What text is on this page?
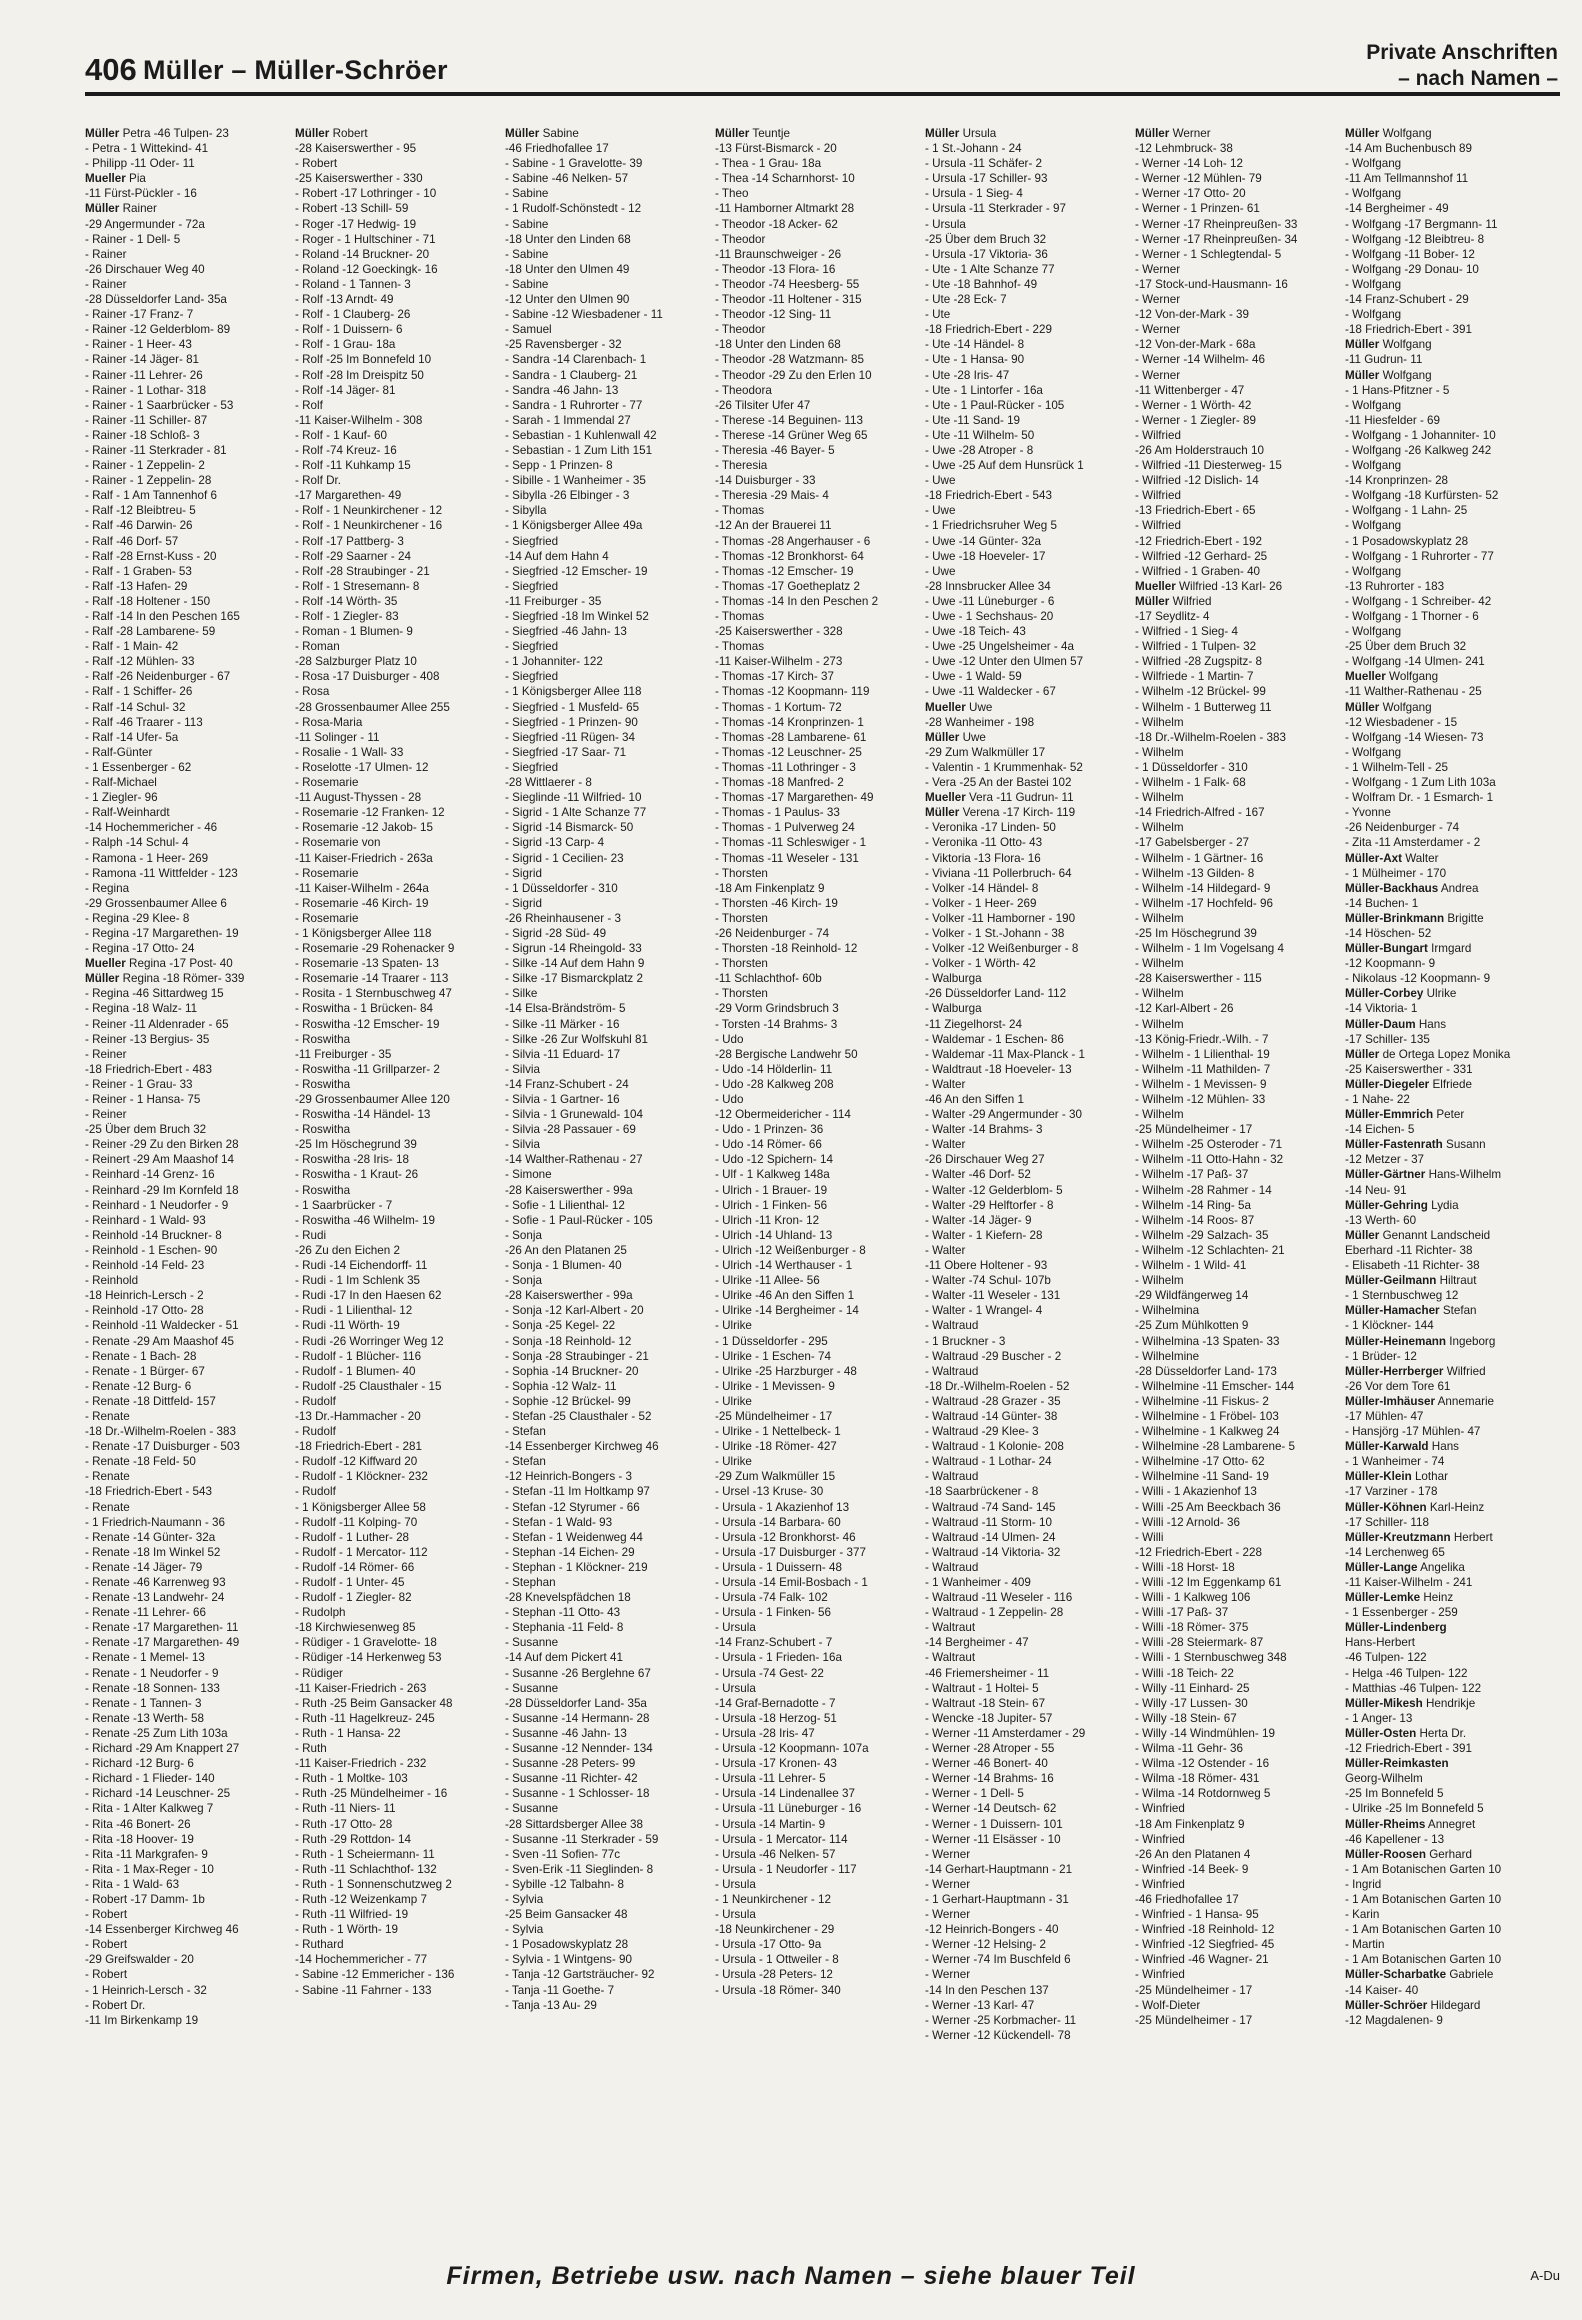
406 Müller – Müller-Schröer
Private Anschriften
– nach Namen –
Müller Petra -46 Tulpen- 23
- Petra - 1 Wittekind- 41
- Philipp -11 Oder- 11
Mueller Pia
-11 Fürst-Pückler - 16
Müller Rainer
-29 Angermunder - 72a
- Rainer - 1 Dell- 5
- Rainer
-26 Dirschauer Weg 40
- Rainer
-28 Düsseldorfer Land- 35a
- Rainer -17 Franz- 7
- Rainer -12 Gelderblom- 89
- Rainer - 1 Heer- 43
- Rainer -14 Jäger- 81
- Rainer -11 Lehrer- 26
- Rainer - 1 Lothar- 318
- Rainer - 1 Saarbrücker - 53
- Rainer -11 Schiller- 87
- Rainer -18 Schloß- 3
- Rainer -11 Sterkrader - 81
- Rainer - 1 Zeppelin- 2
- Rainer - 1 Zeppelin- 28
- Ralf - 1 Am Tannenhof 6
- Ralf -12 Bleibtreu- 5
- Ralf -46 Darwin- 26
- Ralf -46 Dorf- 57
- Ralf -28 Ernst-Kuss - 20
- Ralf - 1 Graben- 53
- Ralf -13 Hafen- 29
- Ralf -18 Holtener - 150
- Ralf -14 In den Peschen 165
- Ralf -28 Lambarene- 59
- Ralf - 1 Main- 42
- Ralf -12 Mühlen- 33
- Ralf -26 Neidenburger - 67
- Ralf - 1 Schiffer- 26
- Ralf -14 Schul- 32
- Ralf -46 Traarer - 113
- Ralf -14 Ufer- 5a
- Ralf-Günter
- 1 Essenberger - 62
- Ralf-Michael
- 1 Ziegler- 96
- Ralf-Weinhardt
-14 Hochemmericher - 46
- Ralph -14 Schul- 4
- Ramona - 1 Heer- 269
- Ramona -11 Wittfelder - 123
- Regina
-29 Grossenbaumer Allee 6
- Regina -29 Klee- 8
- Regina -17 Margarethen- 19
- Regina -17 Otto- 24
Mueller Regina -17 Post- 40
Müller Regina -18 Römer- 339
- Regina -46 Sittardweg 15
- Regina -18 Walz- 11
- Reiner -11 Aldenrader - 65
- Reiner -13 Bergius- 35
- Reiner
-18 Friedrich-Ebert - 483
- Reiner - 1 Grau- 33
- Reiner - 1 Hansa- 75
- Reiner
-25 Über dem Bruch 32
- Reiner -29 Zu den Birken 28
- Reinert -29 Am Maashof 14
- Reinhard -14 Grenz- 16
- Reinhard -29 Im Kornfeld 18
- Reinhard - 1 Neudorfer - 9
- Reinhard - 1 Wald- 93
- Reinhold -14 Bruckner- 8
- Reinhold - 1 Eschen- 90
- Reinhold -14 Feld- 23
- Reinhold
-18 Heinrich-Lersch - 2
- Reinhold -17 Otto- 28
- Reinhold -11 Waldecker - 51
- Renate -29 Am Maashof 45
- Renate - 1 Bach- 28
- Renate - 1 Bürger- 67
- Renate -12 Burg- 6
- Renate -18 Dittfeld- 157
- Renate
-18 Dr.-Wilhelm-Roelen - 383
- Renate -17 Duisburger - 503
- Renate -18 Feld- 50
- Renate
-18 Friedrich-Ebert - 543
- Renate
- 1 Friedrich-Naumann - 36
- Renate -14 Günter- 32a
- Renate -18 Im Winkel 52
- Renate -14 Jäger- 79
- Renate -46 Karrenweg 93
- Renate -13 Landwehr- 24
- Renate -11 Lehrer- 66
- Renate -17 Margarethen- 11
- Renate -17 Margarethen- 49
- Renate - 1 Memel- 13
- Renate - 1 Neudorfer - 9
- Renate -18 Sonnen- 133
- Renate - 1 Tannen- 3
- Renate -13 Werth- 58
- Renate -25 Zum Lith 103a
- Richard -29 Am Knappert 27
- Richard -12 Burg- 6
- Richard - 1 Flieder- 140
- Richard -14 Leuschner- 25
- Rita - 1 Alter Kalkweg 7
- Rita -46 Bonert- 26
- Rita -18 Hoover- 19
- Rita -11 Markgrafen- 9
- Rita - 1 Max-Reger - 10
- Rita - 1 Wald- 63
- Robert -17 Damm- 1b
- Robert
-14 Essenberger Kirchweg 46
- Robert
-29 Greifswalder - 20
- Robert
- 1 Heinrich-Lersch - 32
- Robert Dr.
-11 Im Birkenkamp 19
Müller Robert
-28 Kaiserswerther - 95
- Robert
-25 Kaiserswerther - 330
- Robert -17 Lothringer - 10
- Robert -13 Schill- 59
- Roger -17 Hedwig- 19
- Roger - 1 Hultschiner - 71
- Roland -14 Bruckner- 20
- Roland -12 Goeckingk- 16
- Roland - 1 Tannen- 3
- Rolf -13 Arndt- 49
- Rolf - 1 Clauberg- 26
- Rolf - 1 Duissern- 6
- Rolf - 1 Grau- 18a
- Rolf -25 Im Bonnefeld 10
- Rolf -28 Im Dreispitz 50
- Rolf -14 Jäger- 81
- Rolf
-11 Kaiser-Wilhelm - 308
- Rolf - 1 Kauf- 60
- Rolf -74 Kreuz- 16
- Rolf -11 Kuhkamp 15
- Rolf Dr.
-17 Margarethen- 49
- Rolf - 1 Neunkirchener - 12
- Rolf - 1 Neunkirchener - 16
- Rolf -17 Pattberg- 3
- Rolf -29 Saarner - 24
- Rolf -28 Straubinger - 21
- Rolf - 1 Stresemann- 8
- Rolf -14 Wörth- 35
- Rolf - 1 Ziegler- 83
- Roman - 1 Blumen- 9
- Roman
-28 Salzburger Platz 10
- Rosa -17 Duisburger - 408
- Rosa
-28 Grossenbaumer Allee 255
- Rosa-Maria
-11 Solinger - 11
- Rosalie - 1 Wall- 33
- Roselotte -17 Ulmen- 12
- Rosemarie
-11 August-Thyssen - 28
- Rosemarie -12 Franken- 12
- Rosemarie -12 Jakob- 15
- Rosemarie von
-11 Kaiser-Friedrich - 263a
- Rosemarie
-11 Kaiser-Wilhelm - 264a
- Rosemarie -46 Kirch- 19
- Rosemarie
- 1 Königsberger Allee 118
- Rosemarie -29 Rohenacker 9
- Rosemarie -13 Spaten- 13
- Rosemarie -14 Traarer - 113
- Rosita - 1 Sternbuschweg 47
- Roswitha - 1 Brücken- 84
- Roswitha -12 Emscher- 19
- Roswitha
-11 Freiburger - 35
- Roswitha -11 Grillparzer- 2
- Roswitha
-29 Grossenbaumer Allee 120
- Roswitha -14 Händel- 13
- Roswitha
-25 Im Höschegrund 39
- Roswitha -28 Iris- 18
- Roswitha - 1 Kraut- 26
- Roswitha
- 1 Saarbrücker - 7
- Roswitha -46 Wilhelm- 19
- Rudi
-26 Zu den Eichen 2
- Rudi -14 Eichendorff- 11
- Rudi - 1 Im Schlenk 35
- Rudi -17 In den Haesen 62
- Rudi - 1 Lilienthal- 12
- Rudi -11 Wörth- 19
- Rudi -26 Worringer Weg 12
- Rudolf - 1 Blücher- 116
- Rudolf - 1 Blumen- 40
- Rudolf -25 Clausthaler - 15
- Rudolf
-13 Dr.-Hammacher - 20
- Rudolf
-18 Friedrich-Ebert - 281
- Rudolf -12 Kiffward 20
- Rudolf - 1 Klöckner- 232
- Rudolf
- 1 Königsberger Allee 58
- Rudolf -11 Kolping- 70
- Rudolf - 1 Luther- 28
- Rudolf - 1 Mercator- 112
- Rudolf -14 Römer- 66
- Rudolf - 1 Unter- 45
- Rudolf - 1 Ziegler- 82
- Rudolph
-18 Kirchwiesenweg 85
- Rüdiger - 1 Gravelotte- 18
- Rüdiger -14 Herkenweg 53
- Rüdiger
-11 Kaiser-Friedrich - 263
- Ruth -25 Beim Gansacker 48
- Ruth -11 Hagelkreuz- 245
- Ruth - 1 Hansa- 22
- Ruth
-11 Kaiser-Friedrich - 232
- Ruth - 1 Moltke- 103
- Ruth -25 Mündelheimer - 16
- Ruth -11 Niers- 11
- Ruth -17 Otto- 28
- Ruth -29 Rottdon- 14
- Ruth - 1 Scheiermann- 11
- Ruth -11 Schlachthof- 132
- Ruth - 1 Sonnenschutzweg 2
- Ruth -12 Weizenkamp 7
- Ruth -11 Wilfried- 19
- Ruth - 1 Wörth- 19
- Ruthard
-14 Hochemmericher - 77
- Sabine -12 Emmericher - 136
- Sabine -11 Fahrner - 133
Müller Sabine
-46 Friedhofallee 17
- Sabine - 1 Gravelotte- 39
- Sabine -46 Nelken- 57
- Sabine
- 1 Rudolf-Schönstedt - 12
- Sabine
-18 Unter den Linden 68
- Sabine
-18 Unter den Ulmen 49
- Sabine
-12 Unter den Ulmen 90
- Sabine -12 Wiesbadener - 11
- Samuel
-25 Ravensberger - 32
- Sandra -14 Clarenbach- 1
- Sandra - 1 Clauberg- 21
- Sandra -46 Jahn- 13
- Sandra - 1 Ruhrorter - 77
- Sarah - 1 Immendal 27
- Sebastian - 1 Kuhlenwall 42
- Sebastian - 1 Zum Lith 151
- Sepp - 1 Prinzen- 8
- Sibille - 1 Wanheimer - 35
- Sibylla -26 Elbinger - 3
- Sibylla
- 1 Königsberger Allee 49a
- Siegfried
-14 Auf dem Hahn 4
- Siegfried -12 Emscher- 19
- Siegfried
-11 Freiburger - 35
- Siegfried -18 Im Winkel 52
- Siegfried -46 Jahn- 13
- Siegfried
- 1 Johanniter- 122
- Siegfried
- 1 Königsberger Allee 118
- Siegfried - 1 Musfeld- 65
- Siegfried - 1 Prinzen- 90
- Siegfried -11 Rügen- 34
- Siegfried -17 Saar- 71
- Siegfried
-28 Wittlaerer - 8
- Sieglinde -11 Wilfried- 10
- Sigrid - 1 Alte Schanze 77
- Sigrid -14 Bismarck- 50
- Sigrid -13 Carp- 4
- Sigrid - 1 Cecilien- 23
- Sigrid
- 1 Düsseldorfer - 310
- Sigrid
-26 Rheinhausener - 3
- Sigrid -28 Süd- 49
- Sigrun -14 Rheingold- 33
- Silke -14 Auf dem Hahn 9
- Silke -17 Bismarckplatz 2
- Silke
-14 Elsa-Brändström- 5
- Silke -11 Märker - 16
- Silke -26 Zur Wolfskuhl 81
- Silvia -11 Eduard- 17
- Silvia
-14 Franz-Schubert - 24
- Silvia - 1 Gartner- 16
- Silvia - 1 Grunewald- 104
- Silvia -28 Passauer - 69
- Silvia
-14 Walther-Rathenau - 27
- Simone
-28 Kaiserswerther - 99a
- Sofie - 1 Lilienthal- 12
- Sofie - 1 Paul-Rücker - 105
- Sonja
-26 An den Platanen 25
- Sonja - 1 Blumen- 40
- Sonja
-28 Kaiserswerther - 99a
- Sonja -12 Karl-Albert - 20
- Sonja -25 Kegel- 22
- Sonja -18 Reinhold- 12
- Sonja -28 Straubinger - 21
- Sophia -14 Bruckner- 20
- Sophia -12 Walz- 11
- Sophie -12 Brückel- 99
- Stefan -25 Clausthaler - 52
- Stefan
-14 Essenberger Kirchweg 46
- Stefan
-12 Heinrich-Bongers - 3
- Stefan -11 Im Holtkamp 97
- Stefan -12 Styrumer - 66
- Stefan - 1 Wald- 93
- Stefan - 1 Weidenweg 44
- Stephan -14 Eichen- 29
- Stephan - 1 Klöckner- 219
- Stephan
-28 Knevelspfädchen 18
- Stephan -11 Otto- 43
- Stephania -11 Feld- 8
- Susanne
-14 Auf dem Pickert 41
- Susanne -26 Berglehne 67
- Susanne
-28 Düsseldorfer Land- 35a
- Susanne -14 Hermann- 28
- Susanne -46 Jahn- 13
- Susanne -12 Nennder- 134
- Susanne -28 Peters- 99
- Susanne -11 Richter- 42
- Susanne - 1 Schlosser- 18
- Susanne
-28 Sittardsberger Allee 38
- Susanne -11 Sterkrader - 59
- Sven -11 Sofien- 77c
- Sven-Erik -11 Sieglinden- 8
- Sybille -12 Talbahn- 8
- Sylvia
-25 Beim Gansacker 48
- Sylvia
- 1 Posadowskyplatz 28
- Sylvia - 1 Wintgens- 90
- Tanja -12 Gartsträucher- 92
- Tanja -11 Goethe- 7
- Tanja -13 Au- 29
Müller Teuntje
-13 Fürst-Bismarck - 20
- Thea - 1 Grau- 18a
- Thea -14 Scharnhorst- 10
- Theo
-11 Hamborner Altmarkt 28
- Theodor -18 Acker- 62
- Theodor
-11 Braunschweiger - 26
- Theodor -13 Flora- 16
- Theodor -74 Heesberg- 55
- Theodor -11 Holtener - 315
- Theodor -12 Sing- 11
- Theodor
-18 Unter den Linden 68
- Theodor -28 Watzmann- 85
- Theodor -29 Zu den Erlen 10
- Theodora
-26 Tilsiter Ufer 47
- Therese -14 Beguinen- 113
- Therese -14 Grüner Weg 65
- Theresia -46 Bayer- 5
- Theresia
-14 Duisburger - 33
- Theresia -29 Mais- 4
- Thomas
-12 An der Brauerei 11
- Thomas -28 Angerhauser - 6
- Thomas -12 Bronkhorst- 64
- Thomas -12 Emscher- 19
- Thomas -17 Goetheplatz 2
- Thomas -14 In den Peschen 2
- Thomas
-25 Kaiserswerther - 328
- Thomas
-11 Kaiser-Wilhelm - 273
- Thomas -17 Kirch- 37
- Thomas -12 Koopmann- 119
- Thomas - 1 Kortum- 72
- Thomas -14 Kronprinzen- 1
- Thomas -28 Lambarene- 61
- Thomas -12 Leuschner- 25
- Thomas -11 Lothringer - 3
- Thomas -18 Manfred- 2
- Thomas -17 Margarethen- 49
- Thomas - 1 Paulus- 33
- Thomas - 1 Pulverweg 24
- Thomas -11 Schleswiger - 1
- Thomas -11 Weseler - 131
- Thorsten
-18 Am Finkenplatz 9
- Thorsten -46 Kirch- 19
- Thorsten
-26 Neidenburger - 74
- Thorsten -18 Reinhold- 12
- Thorsten
-11 Schlachthof- 60b
- Thorsten
-29 Vorm Grindsbruch 3
- Torsten -14 Brahms- 3
- Udo
-28 Bergische Landwehr 50
- Udo -14 Hölderlin- 11
- Udo -28 Kalkweg 208
- Udo
-12 Obermeidericher - 114
- Udo - 1 Prinzen- 36
- Udo -14 Römer- 66
- Udo -12 Spichern- 14
- Ulf - 1 Kalkweg 148a
- Ulrich - 1 Brauer- 19
- Ulrich - 1 Finken- 56
- Ulrich -11 Kron- 12
- Ulrich -14 Uhland- 13
- Ulrich -12 Weißenburger - 8
- Ulrich -14 Werthauser - 1
- Ulrike -11 Allee- 56
- Ulrike -46 An den Siffen 1
- Ulrike -14 Bergheimer - 14
- Ulrike
- 1 Düsseldorfer - 295
- Ulrike - 1 Eschen- 74
- Ulrike -25 Harzburger - 48
- Ulrike - 1 Mevissen- 9
- Ulrike
-25 Mündelheimer - 17
- Ulrike - 1 Nettelbeck- 1
- Ulrike -18 Römer- 427
- Ulrike
-29 Zum Walkmüller 15
- Ursel -13 Kruse- 30
- Ursula - 1 Akazienhof 13
- Ursula -14 Barbara- 60
- Ursula -12 Bronkhorst- 46
- Ursula -17 Duisburger - 377
- Ursula - 1 Duissern- 48
- Ursula -14 Emil-Bosbach - 1
- Ursula -74 Falk- 102
- Ursula - 1 Finken- 56
- Ursula
-14 Franz-Schubert - 7
- Ursula - 1 Frieden- 16a
- Ursula -74 Gest- 22
- Ursula
-14 Graf-Bernadotte - 7
- Ursula -18 Herzog- 51
- Ursula -28 Iris- 47
- Ursula -12 Koopmann- 107a
- Ursula -17 Kronen- 43
- Ursula -11 Lehrer- 5
- Ursula -14 Lindenallee 37
- Ursula -11 Lüneburger - 16
- Ursula -14 Martin- 9
- Ursula - 1 Mercator- 114
- Ursula -46 Nelken- 57
- Ursula - 1 Neudorfer - 117
- Ursula
- 1 Neunkirchener - 12
- Ursula
-18 Neunkirchener - 29
- Ursula -17 Otto- 9a
- Ursula - 1 Ottweiler - 8
- Ursula -28 Peters- 12
- Ursula -18 Römer- 340
Müller Ursula
- 1 St.-Johann - 24
- Ursula -11 Schäfer- 2
- Ursula -17 Schiller- 93
- Ursula - 1 Sieg- 4
- Ursula -11 Sterkrader - 97
- Ursula
-25 Über dem Bruch 32
- Ursula -17 Viktoria- 36
- Ute - 1 Alte Schanze 77
- Ute -18 Bahnhof- 49
- Ute -28 Eck- 7
- Ute
-18 Friedrich-Ebert - 229
- Ute -14 Händel- 8
- Ute - 1 Hansa- 90
- Ute -28 Iris- 47
- Ute - 1 Lintorfer - 16a
- Ute - 1 Paul-Rücker - 105
- Ute -11 Sand- 19
- Ute -11 Wilhelm- 50
- Uwe -28 Atroper - 8
- Uwe -25 Auf dem Hunsrück 1
- Uwe
-18 Friedrich-Ebert - 543
- Uwe
- 1 Friedrichsruher Weg 5
- Uwe -14 Günter- 32a
- Uwe -18 Hoeveler- 17
- Uwe
-28 Innsbrucker Allee 34
- Uwe -11 Lüneburger - 6
- Uwe - 1 Sechshaus- 20
- Uwe -18 Teich- 43
- Uwe -25 Ungelsheimer - 4a
- Uwe -12 Unter den Ulmen 57
- Uwe - 1 Wald- 59
- Uwe -11 Waldecker - 67
Mueller Uwe
-28 Wanheimer - 198
Müller Uwe
-29 Zum Walkmüller 17
- Valentin - 1 Krummenhak- 52
- Vera -25 An der Bastei 102
Mueller Vera -11 Gudrun- 11
Müller Verena -17 Kirch- 119
- Veronika -17 Linden- 50
- Veronika -11 Otto- 43
- Viktoria -13 Flora- 16
- Viviana -11 Pollerbruch- 64
- Volker -14 Händel- 8
- Volker - 1 Heer- 269
- Volker -11 Hamborner - 190
- Volker - 1 St.-Johann - 38
- Volker -12 Weißenburger - 8
- Volker - 1 Wörth- 42
- Walburga
-26 Düsseldorfer Land- 112
- Walburga
-11 Ziegelhorst- 24
- Waldemar - 1 Eschen- 86
- Waldemar -11 Max-Planck - 1
- Waldtraut -18 Hoeveler- 13
- Walter
-46 An den Siffen 1
- Walter -29 Angermunder - 30
- Walter -14 Brahms- 3
- Walter
-26 Dirschauer Weg 27
- Walter -46 Dorf- 52
- Walter -12 Gelderblom- 5
- Walter -29 Helftorfer - 8
- Walter -14 Jäger- 9
- Walter - 1 Kiefern- 28
- Walter
-11 Obere Holtener - 93
- Walter -74 Schul- 107b
- Walter -11 Weseler - 131
- Walter - 1 Wrangel- 4
- Waltraud
- 1 Bruckner - 3
- Waltraud -29 Buscher - 2
- Waltraud
-18 Dr.-Wilhelm-Roelen - 52
- Waltraud -28 Grazer - 35
- Waltraud -14 Günter- 38
- Waltraud -29 Klee- 3
- Waltraud - 1 Kolonie- 208
- Waltraud - 1 Lothar- 24
- Waltraud
-18 Saarbrückener - 8
- Waltraud -74 Sand- 145
- Waltraud -11 Storm- 10
- Waltraud -14 Ulmen- 24
- Waltraud -14 Viktoria- 32
- Waltraud
- 1 Wanheimer - 409
- Waltraud -11 Weseler - 116
- Waltraud - 1 Zeppelin- 28
- Waltraut
-14 Bergheimer - 47
- Waltraut
-46 Friemersheimer - 11
- Waltraut - 1 Holtei- 5
- Waltraut -18 Stein- 67
- Wencke -18 Jupiter- 57
- Werner -11 Amsterdamer - 29
- Werner -28 Atroper - 55
- Werner -46 Bonert- 40
- Werner -14 Brahms- 16
- Werner - 1 Dell- 5
- Werner -14 Deutsch- 62
- Werner - 1 Duissern- 101
- Werner -11 Elsässer - 10
- Werner
-14 Gerhart-Hauptmann - 21
- Werner
- 1 Gerhart-Hauptmann - 31
- Werner
-12 Heinrich-Bongers - 40
- Werner -12 Helsing- 2
- Werner -74 Im Buschfeld 6
- Werner
-14 In den Peschen 137
- Werner -13 Karl- 47
- Werner -25 Korbmacher- 11
- Werner -12 Kückendell- 78
Müller Werner
-12 Lehmbruck- 38
- Werner -14 Loh- 12
- Werner -12 Mühlen- 79
- Werner -17 Otto- 20
- Werner - 1 Prinzen- 61
- Werner -17 Rheinpreußen- 33
- Werner -17 Rheinpreußen- 34
- Werner - 1 Schlegtendal- 5
- Werner
-17 Stock-und-Hausmann- 16
- Werner
-12 Von-der-Mark - 39
- Werner
-12 Von-der-Mark - 68a
- Werner -14 Wilhelm- 46
- Werner
-11 Wittenberger - 47
- Werner - 1 Wörth- 42
- Werner - 1 Ziegler- 89
- Wilfried
-26 Am Holderstrauch 10
- Wilfried -11 Diesterweg- 15
- Wilfried -12 Dislich- 14
- Wilfried
-13 Friedrich-Ebert - 65
- Wilfried
-12 Friedrich-Ebert - 192
- Wilfried -12 Gerhard- 25
- Wilfried - 1 Graben- 40
Mueller Wilfried -13 Karl- 26
Müller Wilfried
-17 Seydlitz- 4
- Wilfried - 1 Sieg- 4
- Wilfried - 1 Tulpen- 32
- Wilfried -28 Zugspitz- 8
- Wilfriede - 1 Martin- 7
- Wilhelm -12 Brückel- 99
- Wilhelm - 1 Butterweg 11
- Wilhelm
-18 Dr.-Wilhelm-Roelen - 383
- Wilhelm
- 1 Düsseldorfer - 310
- Wilhelm - 1 Falk- 68
- Wilhelm
-14 Friedrich-Alfred - 167
- Wilhelm
-17 Gabelsberger - 27
- Wilhelm - 1 Gärtner- 16
- Wilhelm -13 Gilden- 8
- Wilhelm -14 Hildegard- 9
- Wilhelm -17 Hochfeld- 96
- Wilhelm
-25 Im Höschegrund 39
- Wilhelm - 1 Im Vogelsang 4
- Wilhelm
-28 Kaiserswerther - 115
- Wilhelm
-12 Karl-Albert - 26
- Wilhelm
-13 König-Friedr.-Wilh. - 7
- Wilhelm - 1 Lilienthal- 19
- Wilhelm -11 Mathilden- 7
- Wilhelm - 1 Mevissen- 9
- Wilhelm -12 Mühlen- 33
- Wilhelm
-25 Mündelheimer - 17
- Wilhelm -25 Osteroder - 71
- Wilhelm -11 Otto-Hahn - 32
- Wilhelm -17 Paß- 37
- Wilhelm -28 Rahmer - 14
- Wilhelm -14 Ring- 5a
- Wilhelm -14 Roos- 87
- Wilhelm -29 Salzach- 35
- Wilhelm -12 Schlachten- 21
- Wilhelm - 1 Wild- 41
- Wilhelm
-29 Wildfängerweg 14
- Wilhelmina
-25 Zum Mühlkotten 9
- Wilhelmina -13 Spaten- 33
- Wilhelmine
-28 Düsseldorfer Land- 173
- Wilhelmine -11 Emscher- 144
- Wilhelmine -11 Fiskus- 2
- Wilhelmine - 1 Fröbel- 103
- Wilhelmine - 1 Kalkweg 24
- Wilhelmine -28 Lambarene- 5
- Wilhelmine -17 Otto- 62
- Wilhelmine -11 Sand- 19
- Willi - 1 Akazienhof 13
- Willi -25 Am Beeckbach 36
- Willi -12 Arnold- 36
- Willi
-12 Friedrich-Ebert - 228
- Willi -18 Horst- 18
- Willi -12 Im Eggenkamp 61
- Willi - 1 Kalkweg 106
- Willi -17 Paß- 37
- Willi -18 Römer- 375
- Willi -28 Steiermark- 87
- Willi - 1 Sternbuschweg 348
- Willi -18 Teich- 22
- Willy -11 Einhard- 25
- Willy -17 Lussen- 30
- Willy -18 Stein- 67
- Willy -14 Windmühlen- 19
- Wilma -11 Gehr- 36
- Wilma -12 Ostender - 16
- Wilma -18 Römer- 431
- Wilma -14 Rotdornweg 5
- Winfried
-18 Am Finkenplatz 9
- Winfried
-26 An den Platanen 4
- Winfried -14 Beek- 9
- Winfried
-46 Friedhofallee 17
- Winfried - 1 Hansa- 95
- Winfried -18 Reinhold- 12
- Winfried -12 Siegfried- 45
- Winfried -46 Wagner- 21
- Winfried
-25 Mündelheimer - 17
- Wolf-Dieter
-25 Mündelheimer - 17
Müller Wolfgang
-14 Am Buchenbusch 89
- Wolfgang
-11 Am Tellmannshof 11
- Wolfgang
-14 Bergheimer - 49
- Wolfgang -17 Bergmann- 11
- Wolfgang -12 Bleibtreu- 8
- Wolfgang -11 Bober- 12
- Wolfgang -29 Donau- 10
- Wolfgang
-14 Franz-Schubert - 29
- Wolfgang
-18 Friedrich-Ebert - 391
Müller Wolfgang
-11 Gudrun- 11
Müller Wolfgang
- 1 Hans-Pfitzner - 5
- Wolfgang
-11 Hiesfelder - 69
- Wolfgang - 1 Johanniter- 10
- Wolfgang -26 Kalkweg 242
- Wolfgang
-14 Kronprinzen- 28
- Wolfgang -18 Kurfürsten- 52
- Wolfgang - 1 Lahn- 25
- Wolfgang
- 1 Posadowskyplatz 28
- Wolfgang - 1 Ruhrorter - 77
- Wolfgang
-13 Ruhrorter - 183
- Wolfgang - 1 Schreiber- 42
- Wolfgang - 1 Thorner - 6
- Wolfgang
-25 Über dem Bruch 32
- Wolfgang -14 Ulmen- 241
Mueller Wolfgang
-11 Walther-Rathenau - 25
Müller Wolfgang
-12 Wiesbadener - 15
- Wolfgang -14 Wiesen- 73
- Wolfgang
- 1 Wilhelm-Tell - 25
- Wolfgang - 1 Zum Lith 103a
- Wolfram Dr. - 1 Esmarch- 1
- Yvonne
-26 Neidenburger - 74
- Zita -11 Amsterdamer - 2
Müller-Axt Walter
- 1 Mülheimer - 170
Müller-Backhaus Andrea
-14 Buchen- 1
Müller-Brinkmann Brigitte
-14 Höschen- 52
Müller-Bungart Irmgard
-12 Koopmann- 9
- Nikolaus -12 Koopmann- 9
Müller-Corbey Ulrike
-14 Viktoria- 1
Müller-Daum Hans
-17 Schiller- 135
Müller de Ortega Lopez Monika
-25 Kaiserswerther - 331
Müller-Diegeler Elfriede
- 1 Nahe- 22
Müller-Emmrich Peter
-14 Eichen- 5
Müller-Fastenrath Susann
-12 Metzer - 37
Müller-Gärtner Hans-Wilhelm
-14 Neu- 91
Müller-Gehring Lydia
-13 Werth- 60
Müller Genannt Landscheid
Eberhard -11 Richter- 38
- Elisabeth -11 Richter- 38
Müller-Geilmann Hiltraut
- 1 Sternbuschweg 12
Müller-Hamacher Stefan
- 1 Klöckner- 144
Müller-Heinemann Ingeborg
- 1 Brüder- 12
Müller-Herrberger Wilfried
-26 Vor dem Tore 61
Müller-Imhäuser Annemarie
-17 Mühlen- 47
- Hansjörg -17 Mühlen- 47
Müller-Karwald Hans
- 1 Wanheimer - 74
Müller-Klein Lothar
-17 Varziner - 178
Müller-Köhnen Karl-Heinz
-17 Schiller- 118
Müller-Kreutzmann Herbert
-14 Lerchenweg 65
Müller-Lange Angelika
-11 Kaiser-Wilhelm - 241
Müller-Lemke Heinz
- 1 Essenberger - 259
Müller-Lindenberg
Hans-Herbert
-46 Tulpen- 122
- Helga -46 Tulpen- 122
- Matthias -46 Tulpen- 122
Müller-Mikesh Hendrikje
- 1 Anger- 13
Müller-Osten Herta Dr.
-12 Friedrich-Ebert - 391
Müller-Reimkasten
Georg-Wilhelm
-25 Im Bonnefeld 5
- Ulrike -25 Im Bonnefeld 5
Müller-Rheims Annegret
-46 Kapellener - 13
Müller-Roosen Gerhard
- 1 Am Botanischen Garten 10
- Ingrid
- 1 Am Botanischen Garten 10
- Karin
- 1 Am Botanischen Garten 10
- Martin
- 1 Am Botanischen Garten 10
Müller-Scharbatke Gabriele
-14 Kaiser- 40
Müller-Schröer Hildegard
-12 Magdalenen- 9
Firmen, Betriebe usw. nach Namen – siehe blauer Teil	A-Du
